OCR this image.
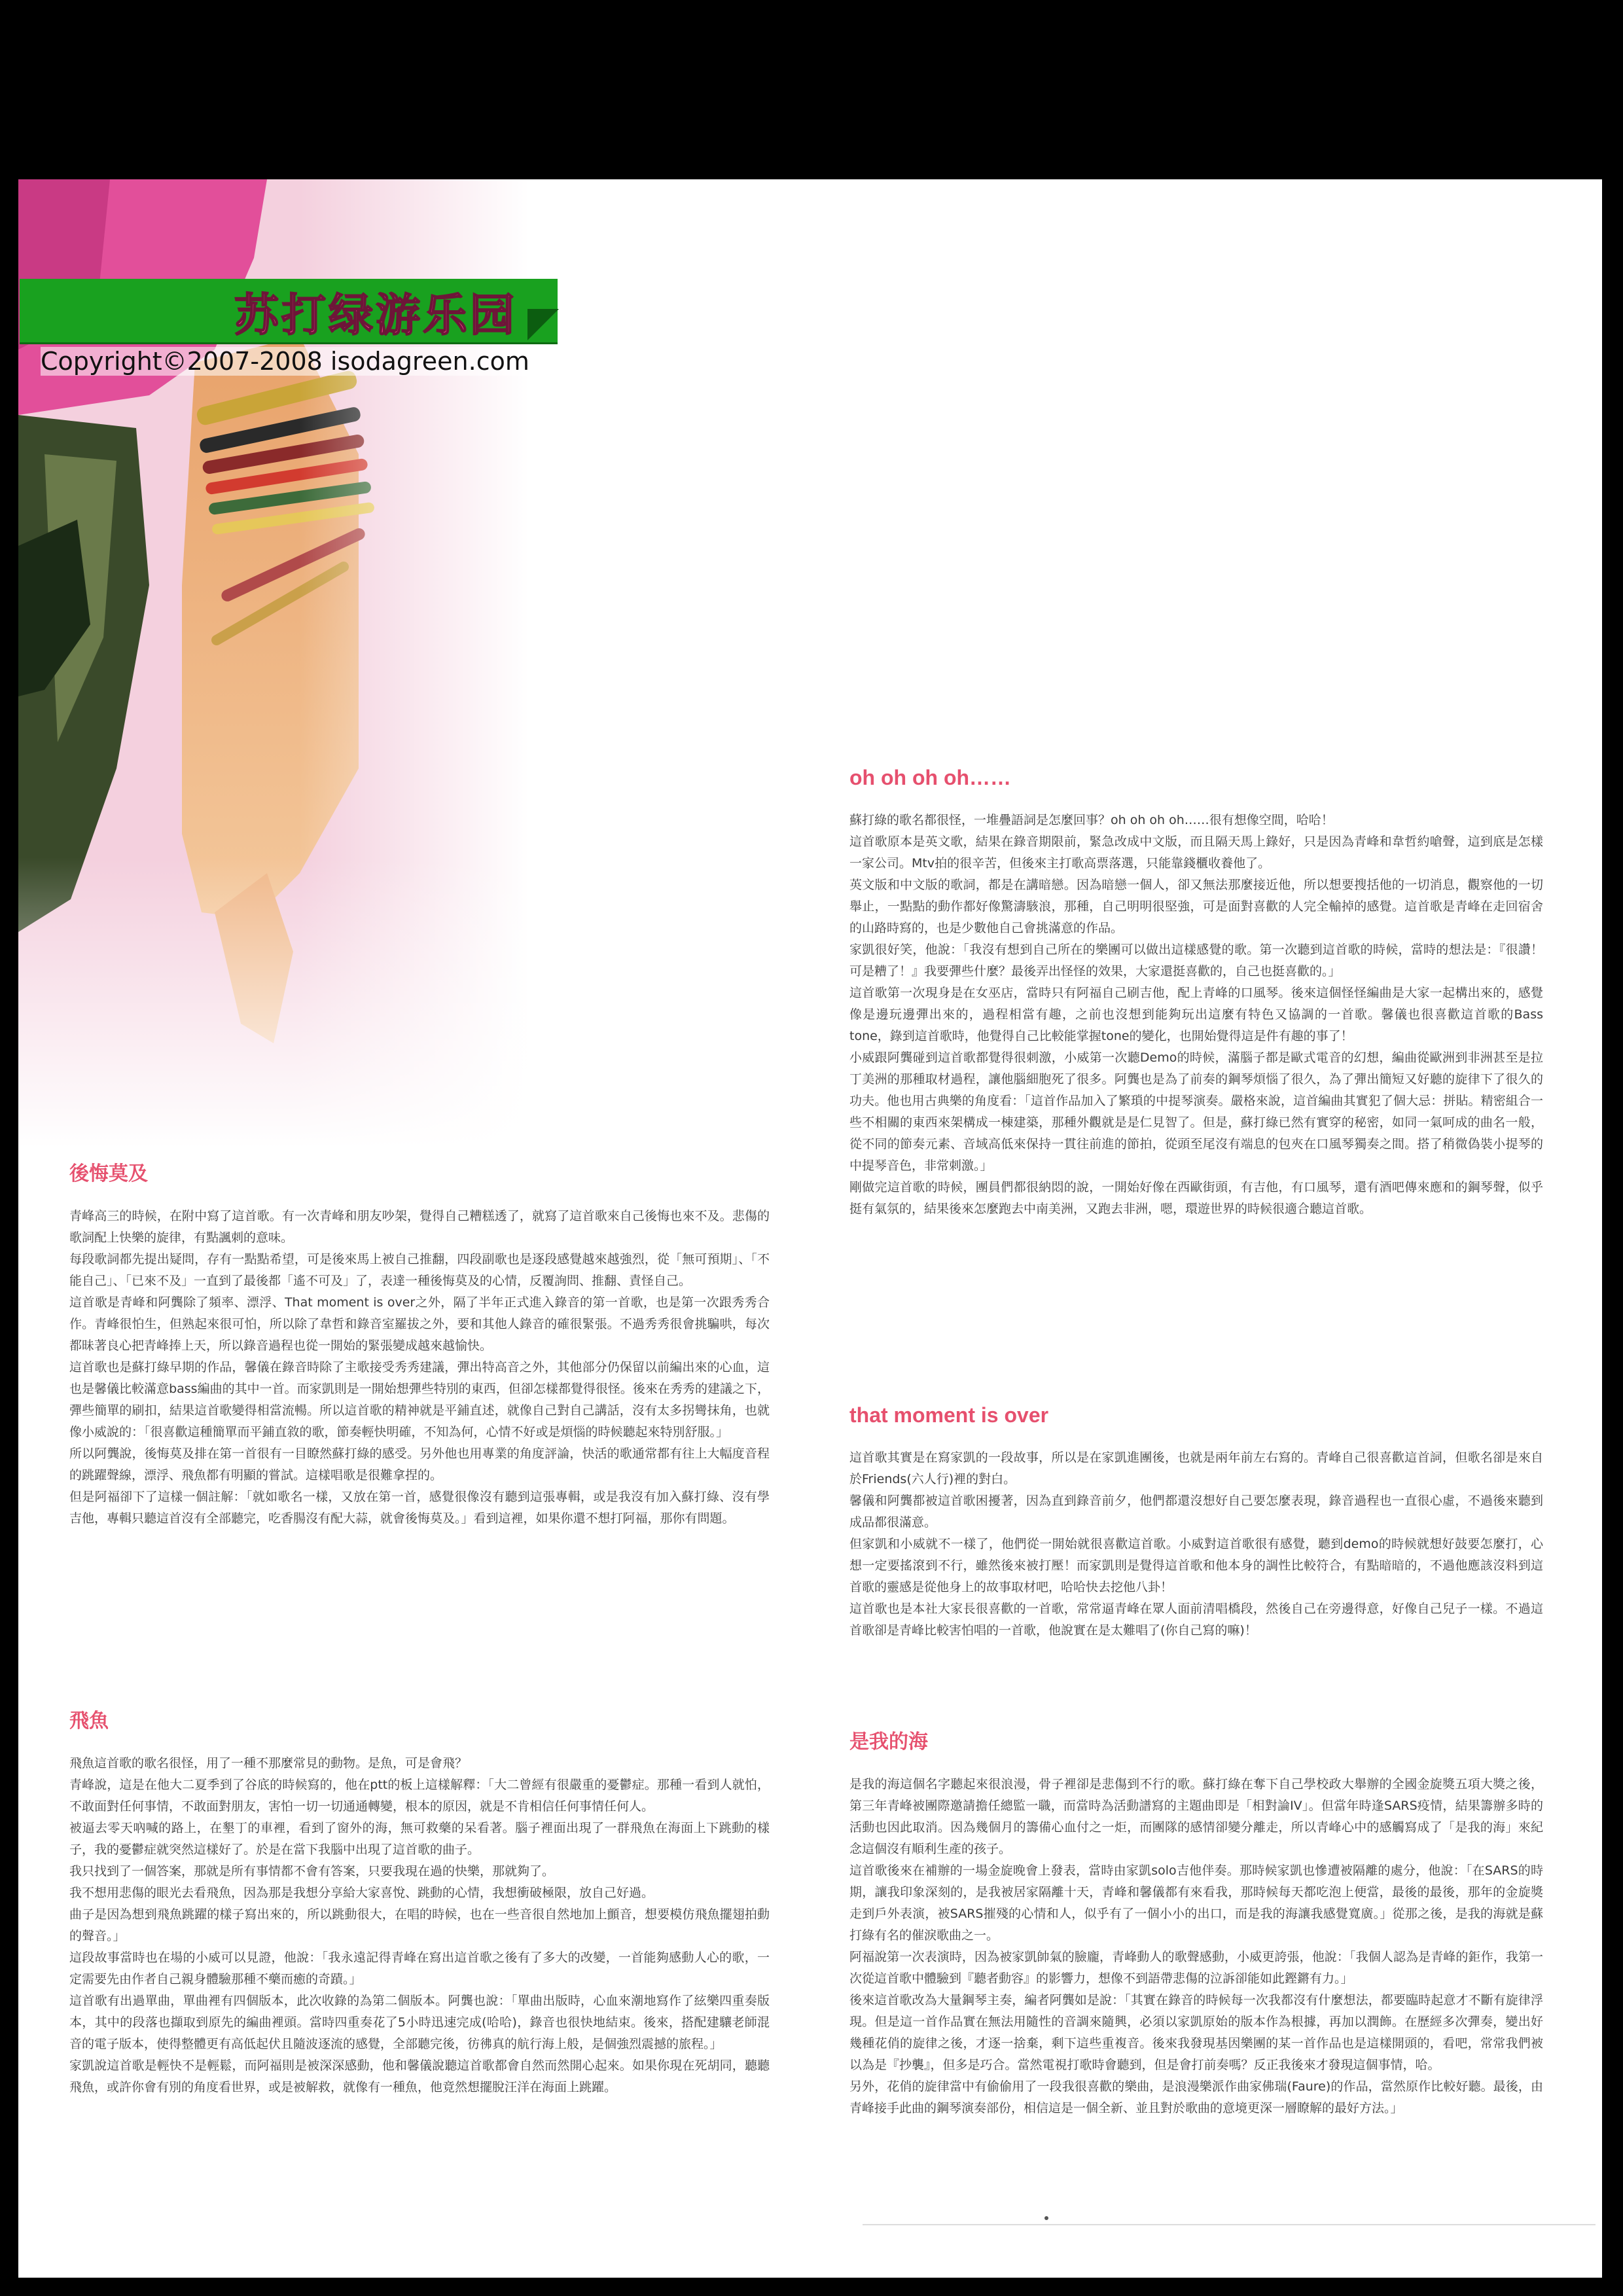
苏打绿游乐园
Copyright©2007-2008 isodagreen.com
oh oh oh oh……

蘇打綠的歌名都很怪，一堆疊語詞是怎麼回事？oh oh oh oh……很有想像空間，哈哈！

這首歌原本是英文歌，結果在錄音期限前，緊急改成中文版，而且隔天馬上錄好，只是因為青峰和韋哲約嗆聲，這到底是怎樣一家公司。Mtv拍的很辛苦，但後來主打歌高票落選，只能靠錢櫃收養他了。

英文版和中文版的歌詞，都是在講暗戀。因為暗戀一個人，卻又無法那麼接近他，所以想要搜括他的一切消息，觀察他的一切舉止，一點點的動作都好像驚濤駭浪，那種，自己明明很堅強，可是面對喜歡的人完全輸掉的感覺。這首歌是青峰在走回宿舍的山路時寫的，也是少數他自己會挑滿意的作品。

家凱很好笑，他說：「我沒有想到自己所在的樂團可以做出這樣感覺的歌。第一次聽到這首歌的時候，當時的想法是：『很讚！可是糟了！』我要彈些什麼？最後弄出怪怪的效果，大家還挺喜歡的，自己也挺喜歡的。」

這首歌第一次現身是在女巫店，當時只有阿福自己刷吉他，配上青峰的口風琴。後來這個怪怪編曲是大家一起構出來的，感覺像是邊玩邊彈出來的，過程相當有趣，之前也沒想到能夠玩出這麼有特色又協調的一首歌。馨儀也很喜歡這首歌的Bass tone，錄到這首歌時，他覺得自己比較能掌握tone的變化，也開始覺得這是件有趣的事了！

小威跟阿龔碰到這首歌都覺得很刺激，小威第一次聽Demo的時候，滿腦子都是歐式電音的幻想，編曲從歐洲到非洲甚至是拉丁美洲的那種取材過程，讓他腦細胞死了很多。阿龔也是為了前奏的鋼琴煩惱了很久，為了彈出簡短又好聽的旋律下了很久的功夫。他也用古典樂的角度看：「這首作品加入了繁瑣的中提琴演奏。嚴格來說，這首編曲其實犯了個大忌：拼貼。精密組合一些不相關的東西來架構成一棟建築，那種外觀就是是仁見智了。但是，蘇打綠已然有實穿的秘密，如同一氣呵成的曲名一般，從不同的節奏元素、音域高低來保持一貫往前進的節拍，從頭至尾沒有端息的包夾在口風琴獨奏之間。搭了稍微偽裝小提琴的中提琴音色，非常刺激。」

剛做完這首歌的時候，團員們都很納悶的說，一開始好像在西歐街頭，有吉他，有口風琴，還有酒吧傳來應和的鋼琴聲，似乎挺有氣氛的，結果後來怎麼跑去中南美洲，又跑去非洲，嗯，環遊世界的時候很適合聽這首歌。

that moment is over

這首歌其實是在寫家凱的一段故事，所以是在家凱進團後，也就是兩年前左右寫的。青峰自己很喜歡這首詞，但歌名卻是來自於Friends(六人行)裡的對白。

馨儀和阿龔都被這首歌困擾著，因為直到錄音前夕，他們都還沒想好自己要怎麼表現，錄音過程也一直很心虛，不過後來聽到成品都很滿意。

但家凱和小威就不一樣了，他們從一開始就很喜歡這首歌。小威對這首歌很有感覺，聽到demo的時候就想好鼓要怎麼打，心想一定要搖滾到不行，雖然後來被打壓！而家凱則是覺得這首歌和他本身的調性比較符合，有點暗暗的，不過他應該沒料到這首歌的靈感是從他身上的故事取材吧，哈哈快去挖他八卦！

這首歌也是本社大家長很喜歡的一首歌，常常逼青峰在眾人面前清唱橋段，然後自己在旁邊得意，好像自己兒子一樣。不過這首歌卻是青峰比較害怕唱的一首歌，他說實在是太難唱了(你自己寫的嘛)！

是我的海

是我的海這個名字聽起來很浪漫，骨子裡卻是悲傷到不行的歌。蘇打綠在奪下自己學校政大舉辦的全國金旋獎五項大獎之後，第三年青峰被團際邀請擔任總監一職，而當時為活動譜寫的主題曲即是「相對論IV」。但當年時逢SARS疫情，結果籌辦多時的活動也因此取消。因為幾個月的籌備心血付之一炬，而團隊的感情卻變分離走，所以青峰心中的感觸寫成了「是我的海」來紀念這個沒有順利生產的孩子。

這首歌後來在補辦的一場金旋晚會上發表，當時由家凱solo吉他伴奏。那時候家凱也慘遭被隔離的處分，他說：「在SARS的時期，讓我印象深刻的，是我被居家隔離十天，青峰和馨儀都有來看我，那時候每天都吃泡上便當，最後的最後，那年的金旋獎走到戶外表演，被SARS摧殘的心情和人，似乎有了一個小小的出口，而是我的海讓我感覺寬廣。」從那之後，是我的海就是蘇打綠有名的催淚歌曲之一。

阿福說第一次表演時，因為被家凱帥氣的臉龐，青峰動人的歌聲感動，小威更誇張，他說：「我個人認為是青峰的鉅作，我第一次從這首歌中體驗到『聽者動容』的影響力，想像不到語帶悲傷的泣訴卻能如此鏗鏘有力。」

後來這首歌改為大量鋼琴主奏，編者阿龔如是說：「其實在錄音的時候每一次我都沒有什麼想法，都要臨時起意才不斷有旋律浮現。但是這一首作品實在無法用隨性的音調來隨興，必須以家凱原始的版本作為根據，再加以潤飾。在歷經多次彈奏，變出好幾種花俏的旋律之後，才逐一捨棄，剩下這些重複音。後來我發現基因樂團的某一首作品也是這樣開頭的，看吧，常常我們被以為是『抄襲』，但多是巧合。當然電視打歌時會聽到，但是會打前奏嗎？反正我後來才發現這個事情，哈。

另外，花俏的旋律當中有偷偷用了一段我很喜歡的樂曲，是浪漫樂派作曲家佛瑞(Faure)的作品，當然原作比較好聽。最後，由青峰接手此曲的鋼琴演奏部份，相信這是一個全新、並且對於歌曲的意境更深一層瞭解的最好方法。」

後悔莫及

青峰高三的時候，在附中寫了這首歌。有一次青峰和朋友吵架，覺得自己糟糕透了，就寫了這首歌來自己後悔也來不及。悲傷的歌詞配上快樂的旋律，有點諷刺的意味。

每段歌詞都先提出疑問，存有一點點希望，可是後來馬上被自己推翻，四段副歌也是逐段感覺越來越強烈，從「無可預期」、「不能自己」、「已來不及」一直到了最後都「遙不可及」了，表達一種後悔莫及的心情，反覆詢問、推翻、責怪自己。

這首歌是青峰和阿龔除了頻率、漂浮、That moment is over之外，隔了半年正式進入錄音的第一首歌，也是第一次跟秀秀合作。青峰很怕生，但熟起來很可怕，所以除了韋哲和錄音室羅拔之外，要和其他人錄音的確很緊張。不過秀秀很會挑騙哄，每次都昧著良心把青峰捧上天，所以錄音過程也從一開始的緊張變成越來越愉快。

這首歌也是蘇打綠早期的作品，馨儀在錄音時除了主歌接受秀秀建議，彈出特高音之外，其他部分仍保留以前編出來的心血，這也是馨儀比較滿意bass編曲的其中一首。而家凱則是一開始想彈些特別的東西，但卻怎樣都覺得很怪。後來在秀秀的建議之下，彈些簡單的刷扣，結果這首歌變得相當流暢。所以這首歌的精神就是平鋪直述，就像自己對自己講話，沒有太多拐彎抹角，也就像小威說的：「很喜歡這種簡單而平鋪直敘的歌，節奏輕快明確，不知為何，心情不好或是煩惱的時候聽起來特別舒服。」

所以阿龔說，後悔莫及排在第一首很有一目瞭然蘇打綠的感受。另外他也用專業的角度評論，快活的歌通常都有往上大幅度音程的跳躍聲線，漂浮、飛魚都有明顯的嘗試。這樣唱歌是很難拿捏的。

但是阿福卻下了這樣一個註解：「就如歌名一樣，又放在第一首，感覺很像沒有聽到這張專輯，或是我沒有加入蘇打綠、沒有學吉他，專輯只聽這首沒有全部聽完，吃香腸沒有配大蒜，就會後悔莫及。」看到這裡，如果你還不想打阿福，那你有問題。

飛魚

飛魚這首歌的歌名很怪，用了一種不那麼常見的動物。是魚，可是會飛？

青峰說，這是在他大二夏季到了谷底的時候寫的，他在ptt的板上這樣解釋：「大二曾經有很嚴重的憂鬱症。那種一看到人就怕，不敢面對任何事情，不敢面對朋友，害怕一切一切通通轉變，根本的原因，就是不肯相信任何事情任何人。

被逼去零天吶喊的路上，在墾丁的車裡，看到了窗外的海，無可救藥的呆看著。腦子裡面出現了一群飛魚在海面上下跳動的樣子，我的憂鬱症就突然這樣好了。於是在當下我腦中出現了這首歌的曲子。

我只找到了一個答案，那就是所有事情都不會有答案，只要我現在過的快樂，那就夠了。

我不想用悲傷的眼光去看飛魚，因為那是我想分享給大家喜悅、跳動的心情，我想衝破極限，放自己好過。

曲子是因為想到飛魚跳躍的樣子寫出來的，所以跳動很大，在唱的時候，也在一些音很自然地加上顫音，想要模仿飛魚擺翅拍動的聲音。」

這段故事當時也在場的小威可以見證，他說：「我永遠記得青峰在寫出這首歌之後有了多大的改變，一首能夠感動人心的歌，一定需要先由作者自己親身體驗那種不藥而癒的奇蹟。」

這首歌有出過單曲，單曲裡有四個版本，此次收錄的為第二個版本。阿龔也說：「單曲出版時，心血來潮地寫作了絃樂四重奏版本，其中的段落也擷取到原先的編曲裡頭。當時四重奏花了5小時迅速完成(哈哈)，錄音也很快地結束。後來，搭配建驤老師混音的電子版本，使得整體更有高低起伏且隨波逐流的感覺，全部聽完後，彷彿真的航行海上般，是個強烈震撼的旅程。」

家凱說這首歌是輕快不是輕鬆，而阿福則是被深深感動，他和馨儀說聽這首歌都會自然而然開心起來。如果你現在死胡同，聽聽飛魚，或許你會有別的角度看世界，或是被解救，就像有一種魚，他竟然想擺脫汪洋在海面上跳躍。
